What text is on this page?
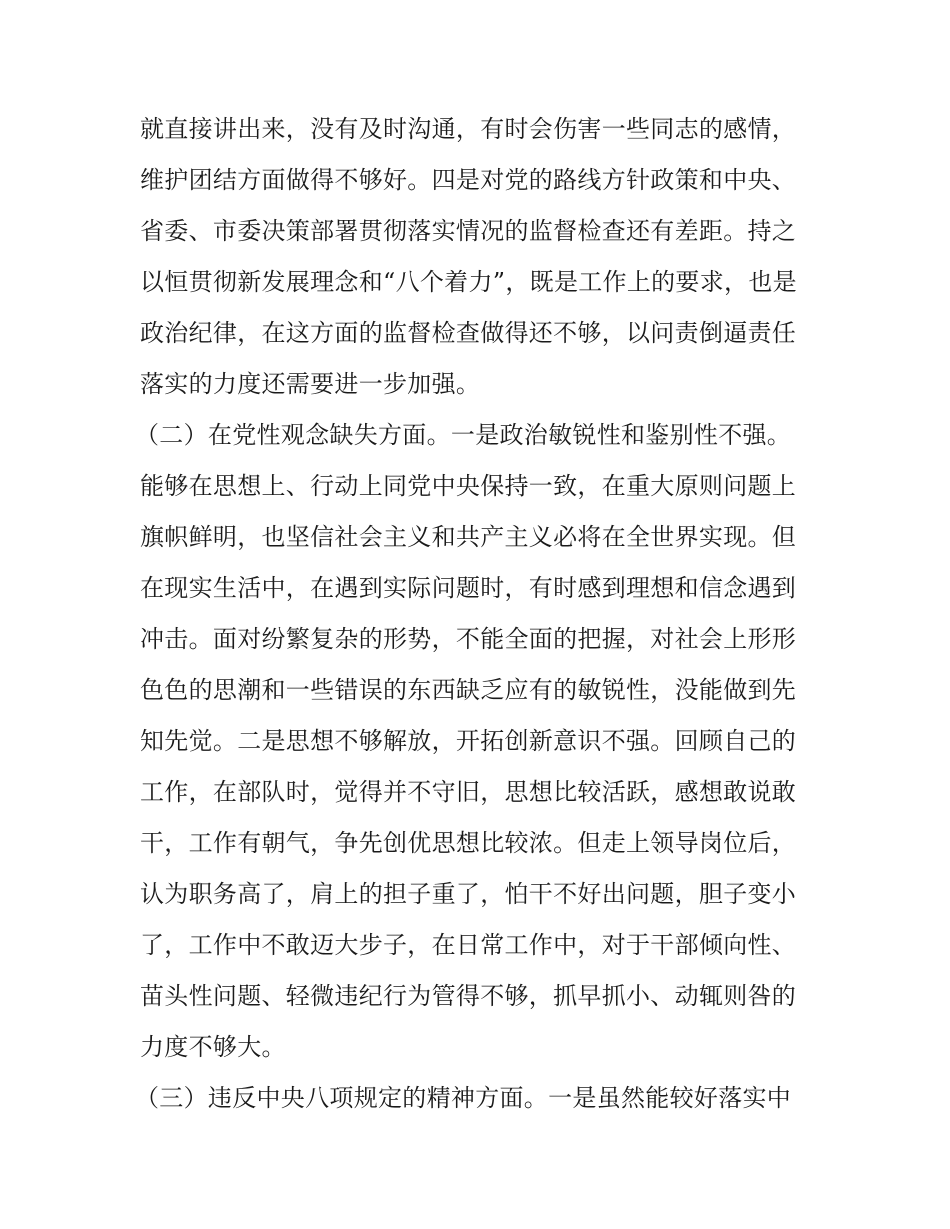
就直接讲出来，没有及时沟通，有时会伤害一些同志的感情，
维护团结方面做得不够好。四是对党的路线方针政策和中央、
省委、市委决策部署贯彻落实情况的监督检查还有差距。持之
以恒贯彻新发展理念和“八个着力”，既是工作上的要求，也是
政治纪律，在这方面的监督检查做得还不够，以问责倒逼责任
落实的力度还需要进一步加强。
（二）在党性观念缺失方面。一是政治敏锐性和鉴别性不强。
能够在思想上、行动上同党中央保持一致，在重大原则问题上
旗帜鲜明，也坚信社会主义和共产主义必将在全世界实现。但
在现实生活中，在遇到实际问题时，有时感到理想和信念遇到
冲击。面对纷繁复杂的形势，不能全面的把握，对社会上形形
色色的思潮和一些错误的东西缺乏应有的敏锐性，没能做到先
知先觉。二是思想不够解放，开拓创新意识不强。回顾自己的
工作，在部队时，觉得并不守旧，思想比较活跃，感想敢说敢
干，工作有朝气，争先创优思想比较浓。但走上领导岗位后，
认为职务高了，肩上的担子重了，怕干不好出问题，胆子变小
了，工作中不敢迈大步子，在日常工作中，对于干部倾向性、
苗头性问题、轻微违纪行为管得不够，抓早抓小、动辄则咎的
力度不够大。
（三）违反中央八项规定的精神方面。一是虽然能较好落实中
